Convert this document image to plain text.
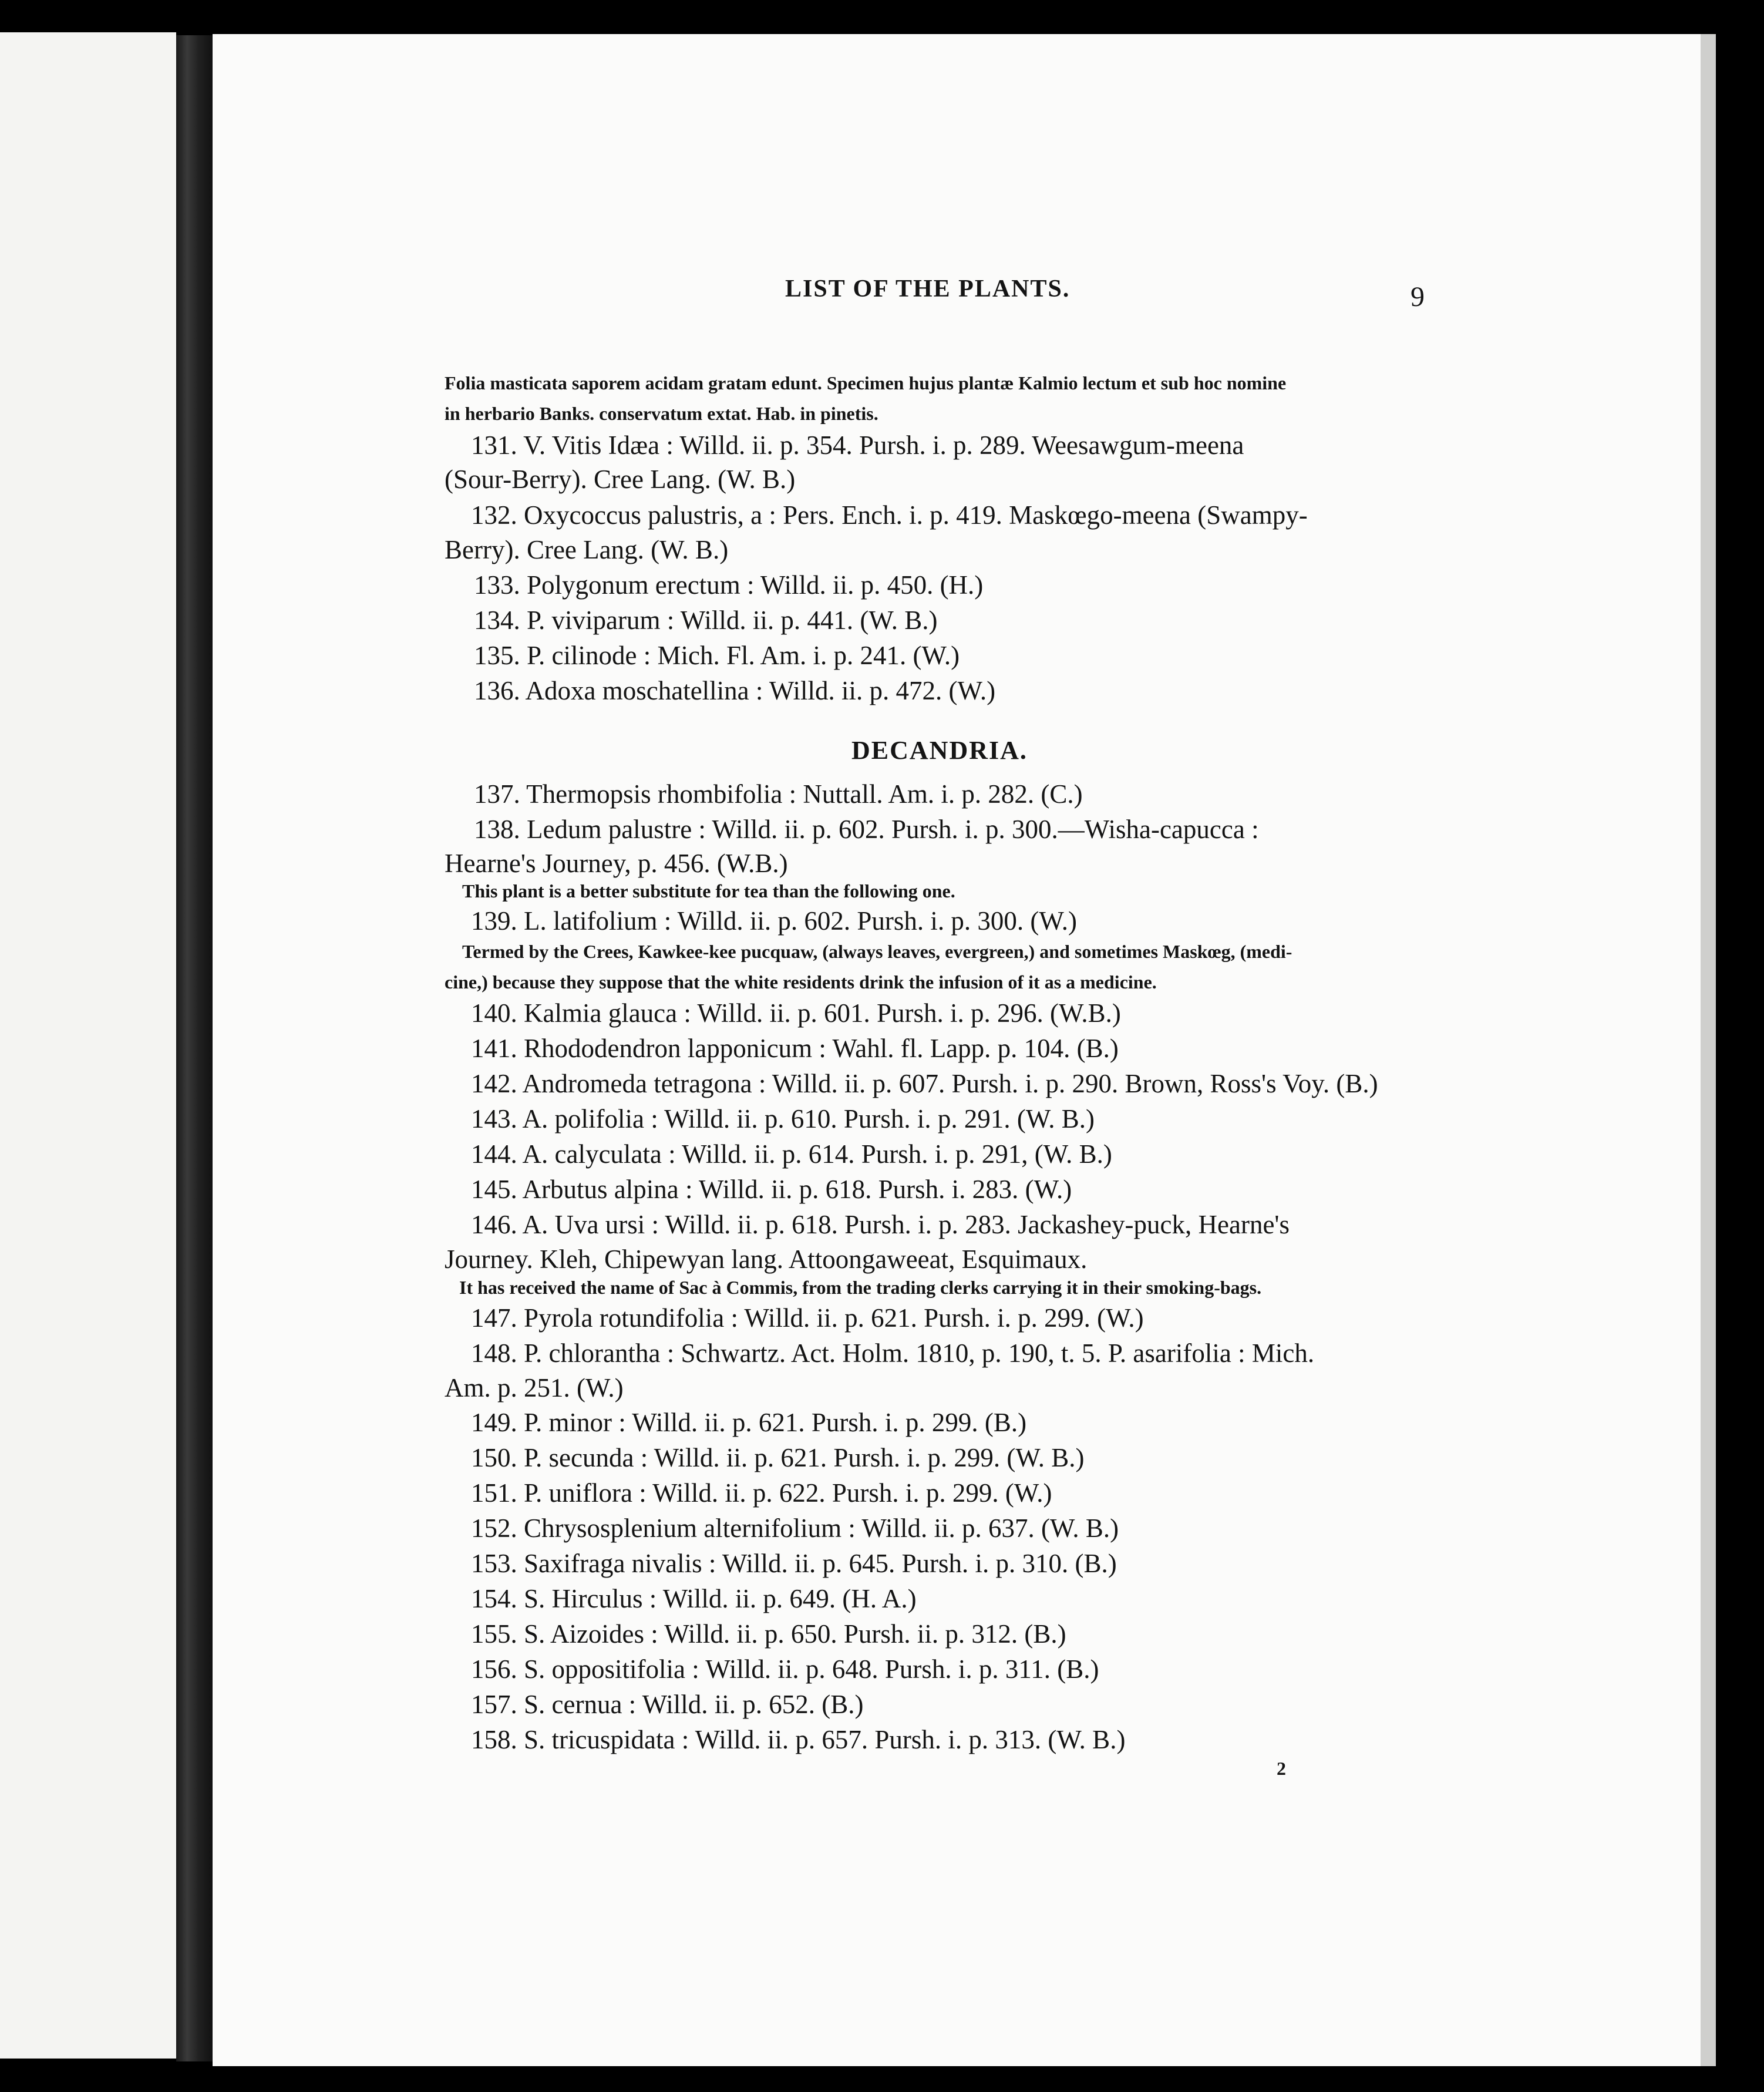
LIST OF THE PLANTS.	9
Folia masticata saporem acidam gratam edunt. Specimen hujus plantæ Kalmio lectum et sub hoc nomine
in herbario Banks. conservatum extat. Hab. in pinetis.
131. V. Vitis Idæa : Willd. ii. p. 354. Pursh. i. p. 289. Weesawgum-meena
(Sour-Berry). Cree Lang. (W. B.)
132. Oxycoccus palustris, a : Pers. Ench. i. p. 419. Maskœgo-meena (Swampy-
Berry). Cree Lang. (W. B.)
133. Polygonum erectum : Willd. ii. p. 450. (H.)
134. P. viviparum : Willd. ii. p. 441. (W. B.)
135. P. cilinode : Mich. Fl. Am. i. p. 241. (W.)
136. Adoxa moschatellina : Willd. ii. p. 472. (W.)
DECANDRIA.
137. Thermopsis rhombifolia : Nuttall. Am. i. p. 282. (C.)
138. Ledum palustre : Willd. ii. p. 602. Pursh. i. p. 300.—Wisha-capucca :
Hearne's Journey, p. 456. (W.B.)
This plant is a better substitute for tea than the following one.
139. L. latifolium : Willd. ii. p. 602. Pursh. i. p. 300. (W.)
Termed by the Crees, Kawkee-kee pucquaw, (always leaves, evergreen,) and sometimes Maskœg, (medi-
cine,) because they suppose that the white residents drink the infusion of it as a medicine.
140. Kalmia glauca : Willd. ii. p. 601. Pursh. i. p. 296. (W.B.)
141. Rhododendron lapponicum : Wahl. fl. Lapp. p. 104. (B.)
142. Andromeda tetragona : Willd. ii. p. 607. Pursh. i. p. 290. Brown, Ross's Voy. (B.)
143. A. polifolia : Willd. ii. p. 610. Pursh. i. p. 291. (W. B.)
144. A. calyculata : Willd. ii. p. 614. Pursh. i. p. 291, (W. B.)
145. Arbutus alpina : Willd. ii. p. 618. Pursh. i. 283. (W.)
146. A. Uva ursi : Willd. ii. p. 618. Pursh. i. p. 283. Jackashey-puck, Hearne's
Journey. Kleh, Chipewyan lang. Attoongaweeat, Esquimaux.
It has received the name of Sac à Commis, from the trading clerks carrying it in their smoking-bags.
147. Pyrola rotundifolia : Willd. ii. p. 621. Pursh. i. p. 299. (W.)
148. P. chlorantha : Schwartz. Act. Holm. 1810, p. 190, t. 5. P. asarifolia : Mich.
Am. p. 251. (W.)
149. P. minor : Willd. ii. p. 621. Pursh. i. p. 299. (B.)
150. P. secunda : Willd. ii. p. 621. Pursh. i. p. 299. (W. B.)
151. P. uniflora : Willd. ii. p. 622. Pursh. i. p. 299. (W.)
152. Chrysosplenium alternifolium : Willd. ii. p. 637. (W. B.)
153. Saxifraga nivalis : Willd. ii. p. 645. Pursh. i. p. 310. (B.)
154. S. Hirculus : Willd. ii. p. 649. (H. A.)
155. S. Aizoides : Willd. ii. p. 650. Pursh. ii. p. 312. (B.)
156. S. oppositifolia : Willd. ii. p. 648. Pursh. i. p. 311. (B.)
157. S. cernua : Willd. ii. p. 652. (B.)
158. S. tricuspidata : Willd. ii. p. 657. Pursh. i. p. 313. (W. B.)
2
